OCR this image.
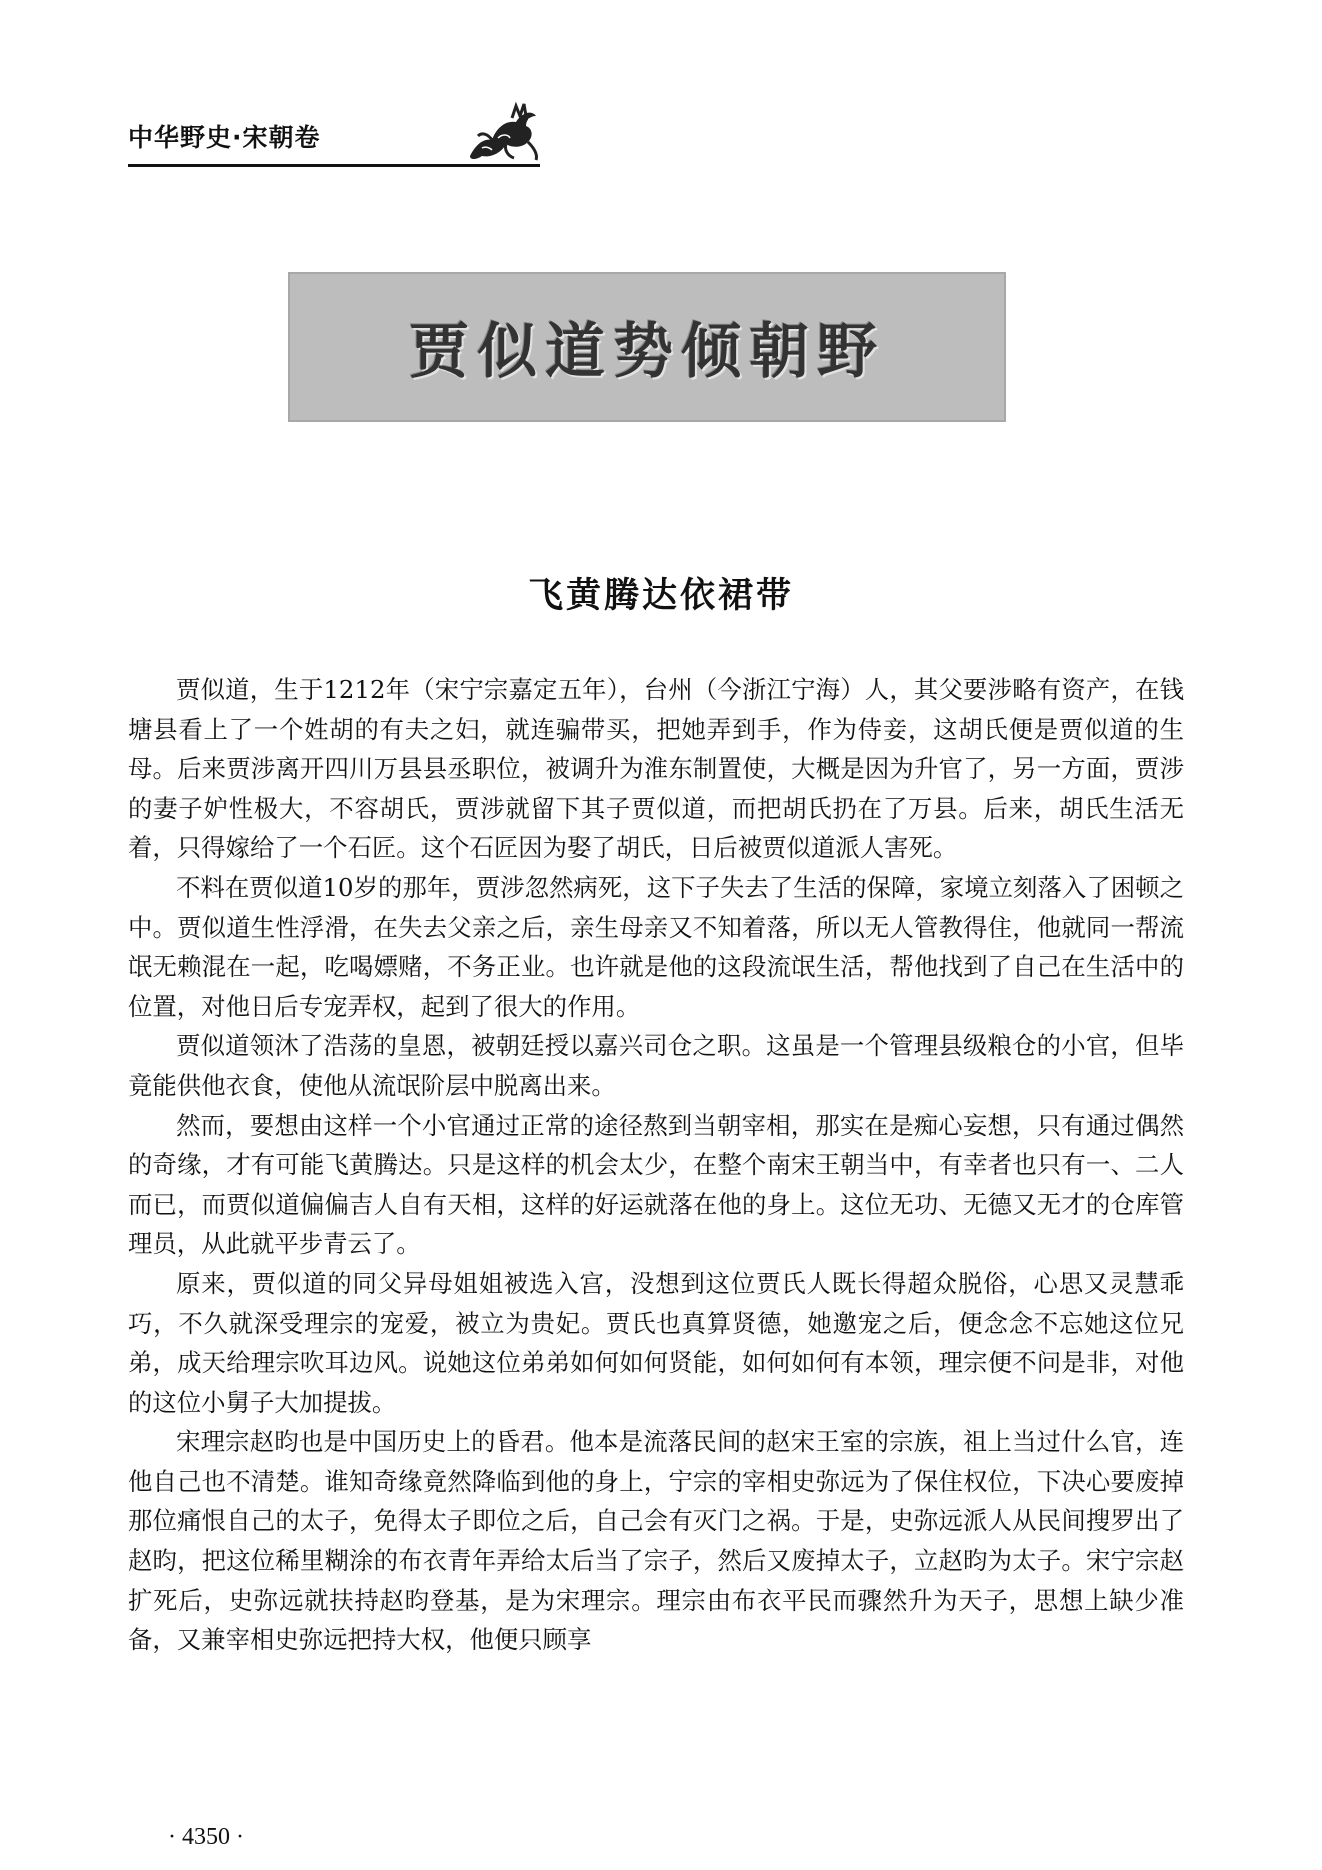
中华野史·宋朝卷
贾似道势倾朝野
飞黄腾达依裙带

贾似道，生于1212年（宋宁宗嘉定五年），台州（今浙江宁海）人，其父要涉略有资产，在钱塘县看上了一个姓胡的有夫之妇，就连骗带买，把她弄到手，作为侍妾，这胡氏便是贾似道的生母。后来贾涉离开四川万县县丞职位，被调升为淮东制置使，大概是因为升官了，另一方面，贾涉的妻子妒性极大，不容胡氏，贾涉就留下其子贾似道，而把胡氏扔在了万县。后来，胡氏生活无着，只得嫁给了一个石匠。这个石匠因为娶了胡氏，日后被贾似道派人害死。

不料在贾似道10岁的那年，贾涉忽然病死，这下子失去了生活的保障，家境立刻落入了困顿之中。贾似道生性浮滑，在失去父亲之后，亲生母亲又不知着落，所以无人管教得住，他就同一帮流氓无赖混在一起，吃喝嫖赌，不务正业。也许就是他的这段流氓生活，帮他找到了自己在生活中的位置，对他日后专宠弄权，起到了很大的作用。

贾似道领沐了浩荡的皇恩，被朝廷授以嘉兴司仓之职。这虽是一个管理县级粮仓的小官，但毕竟能供他衣食，使他从流氓阶层中脱离出来。

然而，要想由这样一个小官通过正常的途径熬到当朝宰相，那实在是痴心妄想，只有通过偶然的奇缘，才有可能飞黄腾达。只是这样的机会太少，在整个南宋王朝当中，有幸者也只有一、二人而已，而贾似道偏偏吉人自有天相，这样的好运就落在他的身上。这位无功、无德又无才的仓库管理员，从此就平步青云了。

原来，贾似道的同父异母姐姐被选入宫，没想到这位贾氏人既长得超众脱俗，心思又灵慧乖巧，不久就深受理宗的宠爱，被立为贵妃。贾氏也真算贤德，她邀宠之后，便念念不忘她这位兄弟，成天给理宗吹耳边风。说她这位弟弟如何如何贤能，如何如何有本领，理宗便不问是非，对他的这位小舅子大加提拔。

宋理宗赵昀也是中国历史上的昏君。他本是流落民间的赵宋王室的宗族，祖上当过什么官，连他自己也不清楚。谁知奇缘竟然降临到他的身上，宁宗的宰相史弥远为了保住权位，下决心要废掉那位痛恨自己的太子，免得太子即位之后，自己会有灭门之祸。于是，史弥远派人从民间搜罗出了赵昀，把这位稀里糊涂的布衣青年弄给太后当了宗子，然后又废掉太子，立赵昀为太子。宋宁宗赵扩死后，史弥远就扶持赵昀登基，是为宋理宗。理宗由布衣平民而骤然升为天子，思想上缺少准备，又兼宰相史弥远把持大权，他便只顾享

· 4350 ·
